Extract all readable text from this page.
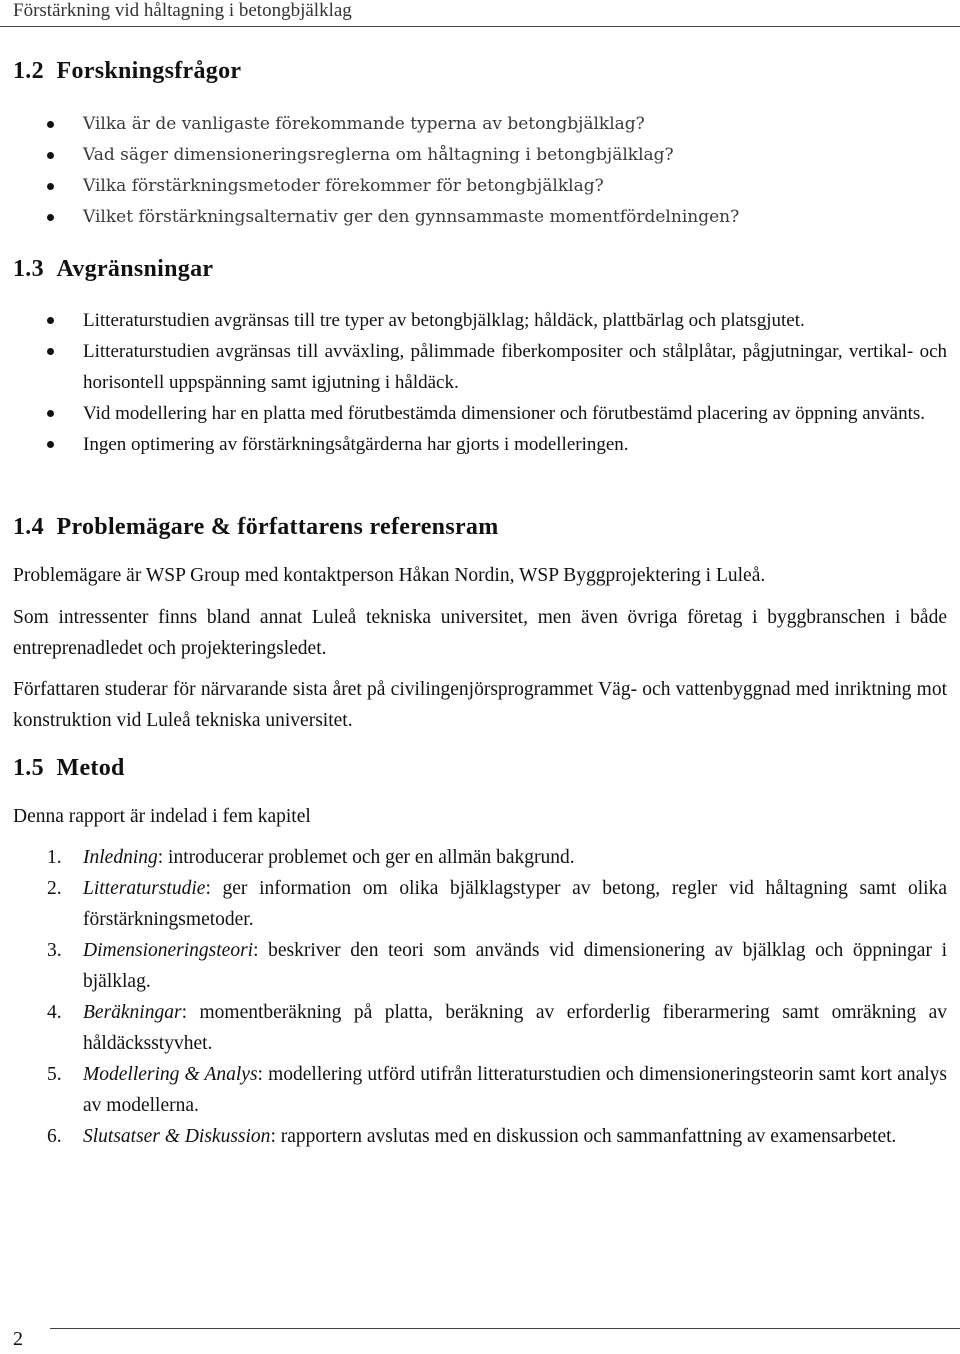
Förstärkning vid håltagning i betongbjälklag
1.2 Forskningsfrågor
Vilka är de vanligaste förekommande typerna av betongbjälklag?
Vad säger dimensioneringsreglerna om håltagning i betongbjälklag?
Vilka förstärkningsmetoder förekommer för betongbjälklag?
Vilket förstärkningsalternativ ger den gynnsammaste momentfördelningen?
1.3 Avgränsningar
Litteraturstudien avgränsas till tre typer av betongbjälklag; håldäck, plattbärlag och platsgjutet.
Litteraturstudien avgränsas till avväxling, pålimmade fiberkompositer och stålplåtar, pågjutningar, vertikal- och horisontell uppspänning samt igjutning i håldäck.
Vid modellering har en platta med förutbestämda dimensioner och förutbestämd placering av öppning använts.
Ingen optimering av förstärkningsåtgärderna har gjorts i modelleringen.
1.4 Problemägare & författarens referensram

Problemägare är WSP Group med kontaktperson Håkan Nordin, WSP Byggprojektering i Luleå.

Som intressenter finns bland annat Luleå tekniska universitet, men även övriga företag i byggbranschen i både entreprenadledet och projekteringsledet.

Författaren studerar för närvarande sista året på civilingenjörsprogrammet Väg- och vattenbyggnad med inriktning mot konstruktion vid Luleå tekniska universitet.

1.5 Metod

Denna rapport är indelad i fem kapitel

1. Inledning: introducerar problemet och ger en allmän bakgrund.
2. Litteraturstudie: ger information om olika bjälklagstyper av betong, regler vid håltagning samt olika förstärkningsmetoder.
3. Dimensioneringsteori: beskriver den teori som används vid dimensionering av bjälklag och öppningar i bjälklag.
4. Beräkningar: momentberäkning på platta, beräkning av erforderlig fiberarmering samt omräkning av håldäcksstyvhet.
5. Modellering & Analys: modellering utförd utifrån litteraturstudien och dimensioneringsteorin samt kort analys av modellerna.
6. Slutsatser & Diskussion: rapportern avslutas med en diskussion och sammanfattning av examensarbetet.
2
